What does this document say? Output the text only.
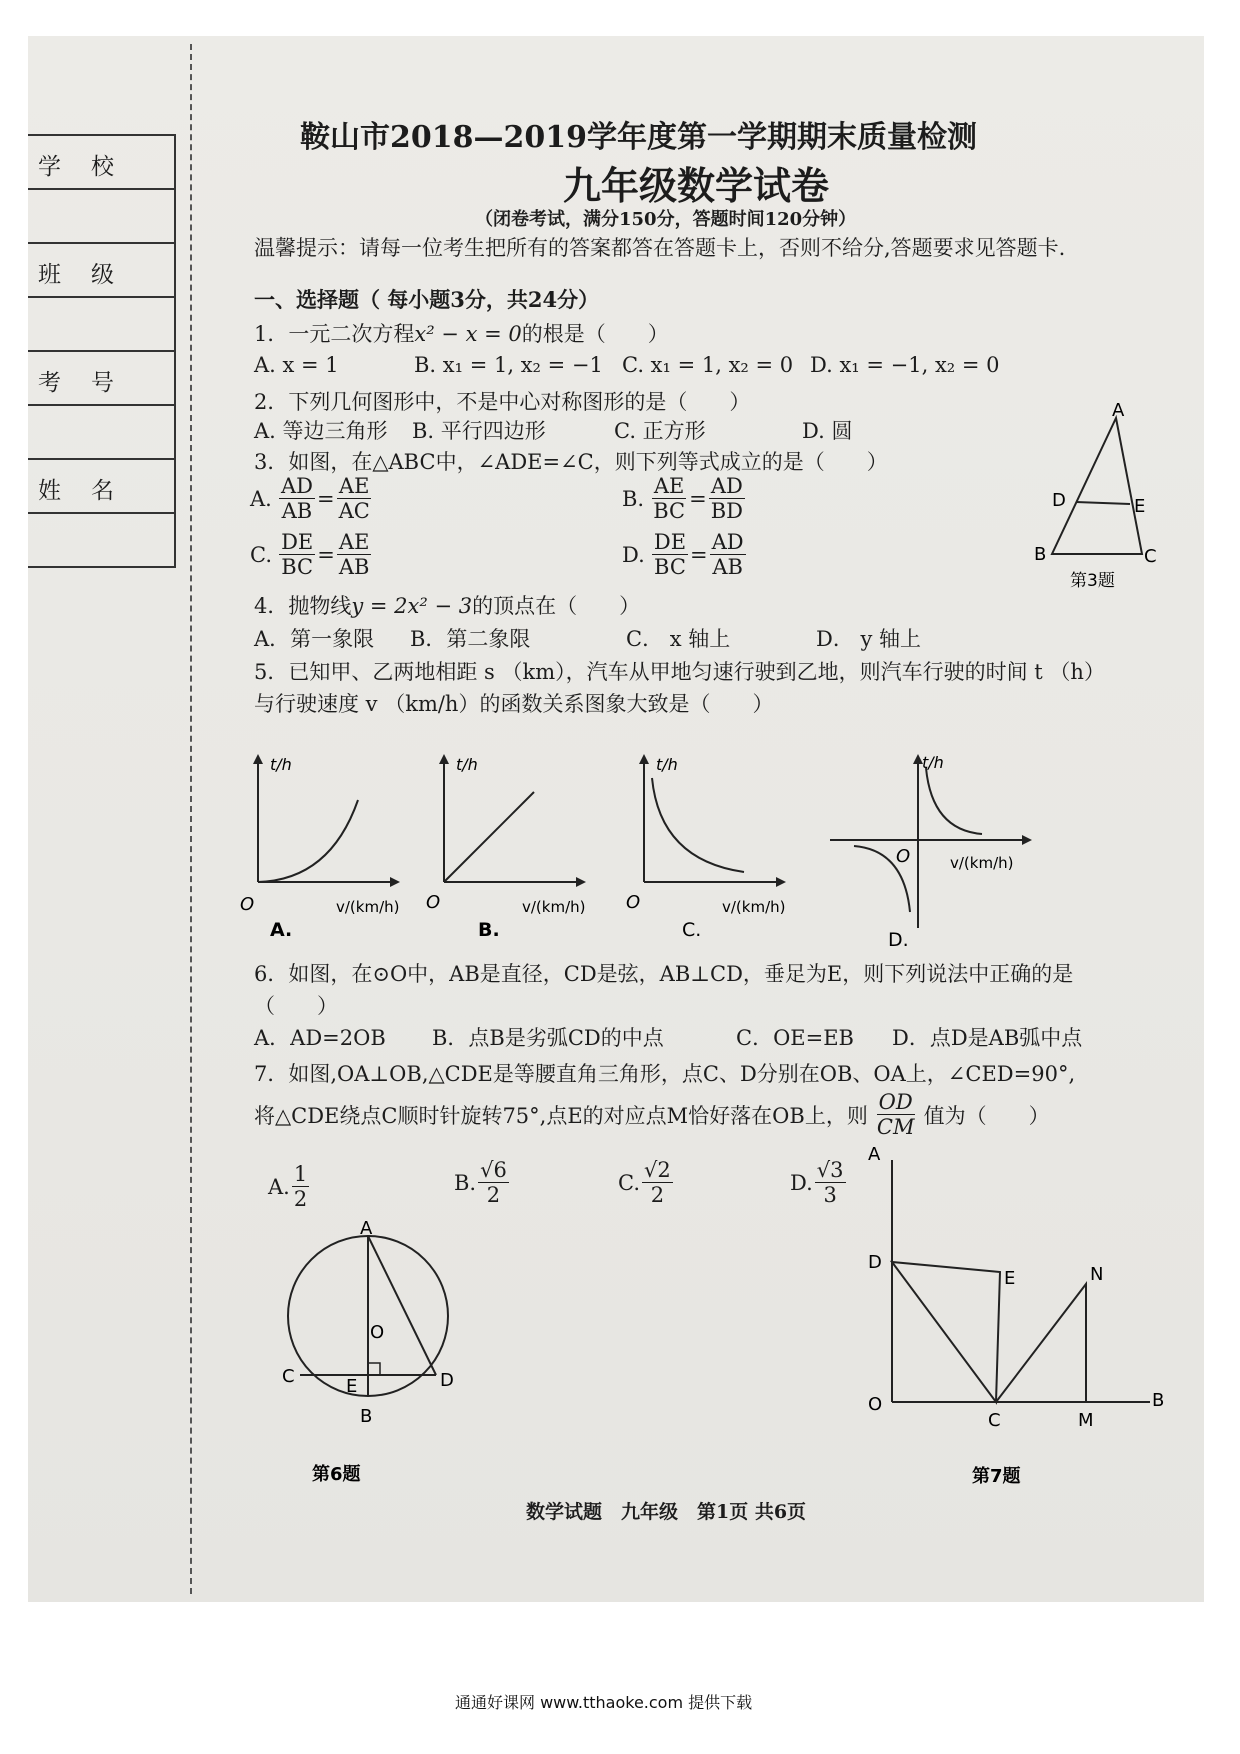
学校
班级
考号
姓名
鞍山市2018—2019学年度第一学期期末质量检测
九年级数学试卷
（闭卷考试，满分150分，答题时间120分钟）
温馨提示：请每一位考生把所有的答案都答在答题卡上，否则不给分,答题要求见答题卡.
一、选择题（ 每小题3分，共24分）
1．一元二次方程x² − x = 0的根是（　　）
A. x = 1	B. x₁ = 1, x₂ = −1 C. x₁ = 1, x₂ = 0 D. x₁ = −1, x₂ = 0
2．下列几何图形中，不是中心对称图形的是（　　）
A. 等边三角形 B. 平行四边形	C. 正方形	D. 圆
3．如图，在△ABC中，∠ADE=∠C，则下列等式成立的是（　　）
A. $\frac{AD}{AB} = \frac{AE}{AC}$	B. $\frac{AE}{BC} = \frac{AD}{BD}$
C. $\frac{DE}{BC} = \frac{AE}{AB}$	D. $\frac{DE}{BC} = \frac{AD}{AB}$
A
D	E
B	C
第3题
4．抛物线y = 2x² − 3的顶点在（　　）
A．第一象限 B．第二象限	C． x 轴上	D． y 轴上
5．已知甲、乙两地相距 s （km），汽车从甲地匀速行驶到乙地，则汽车行驶的时间 t （h）
与行驶速度 v （km/h）的函数关系图象大致是（　　）
t/h
v/(km/h)
O
A.
t/h
v/(km/h)
O
B.
t/h
v/(km/h)
O
C.
t/h
v/(km/h)
O
D.
6．如图，在⊙O中，AB是直径，CD是弦，AB⊥CD，垂足为E，则下列说法中正确的是
（　　）
A．AD=2OB B．点B是劣弧CD的中点	C．OE=EB D．点D是AB弧中点
7．如图,OA⊥OB,△CDE是等腰直角三角形，点C、D分别在OB、OA上，∠CED=90°,
将△CDE绕点C顺时针旋转75°,点E的对应点M恰好落在OB上，则 $\frac{OD}{CM}$ 值为（　　）
A. $\frac{1}{2}$	B. $\frac{√6}{2}$	C. $\frac{√2}{2}$	D. $\frac{√3}{3}$
A
O
C	E	D
B
第6题
A
D
E	N
O
C	M
B
第7题
数学试题　九年级　第1页 共6页
通通好课网 www.tthaoke.com 提供下载
